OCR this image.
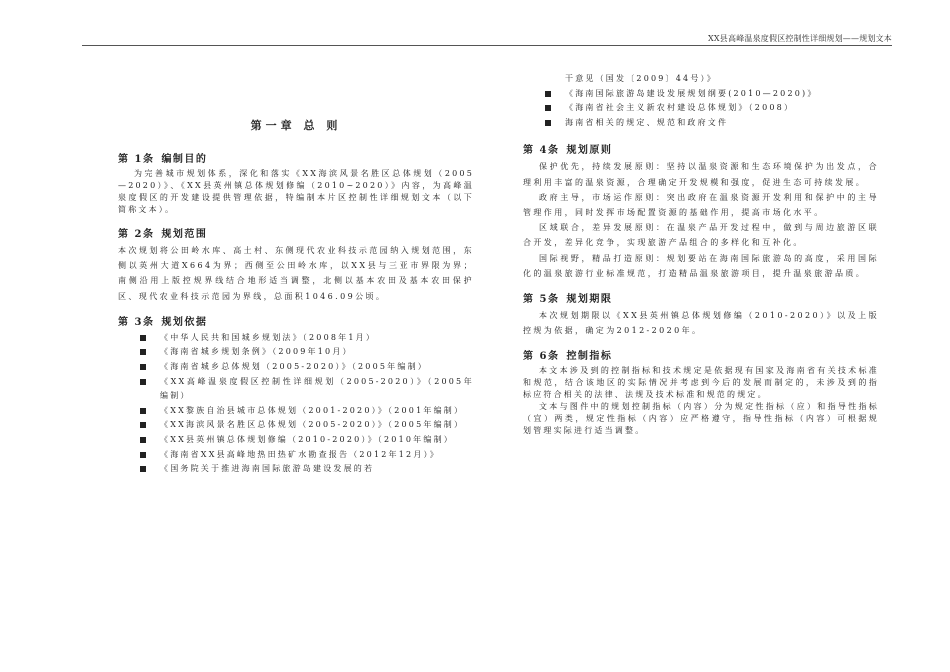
XX县高峰温泉度假区控制性详细规划——规划文本
第一章 总 则
第 1条 编制目的

为完善城市规划体系，深化和落实《XX海滨风景名胜区总体规划（2005—2020）》、《XX县英州镇总体规划修编（2010~2020）》内容，为高峰温泉度假区的开发建设提供管理依据，特编制本片区控制性详细规划文本（以下简称文本）。

第 2条 规划范围

本次规划将公田岭水库、高土村、东侧现代农业科技示范园纳入规划范围，东侧以英州大道X664为界；西侧至公田岭水库，以XX县与三亚市界限为界；南侧沿用上版控规界线结合地形适当调整，北侧以基本农田及基本农田保护区、现代农业科技示范园为界线，总面积1046.09公顷。

第 3条 规划依据
《中华人民共和国城乡规划法》（2008年1月）
《海南省城乡规划条例》（2009年10月）
《海南省城乡总体规划（2005-2020）》（2005年编制）
《XX高峰温泉度假区控制性详细规划（2005-2020）》（2005年编制）
《XX黎族自治县城市总体规划（2001-2020）》（2001年编制）
《XX海滨风景名胜区总体规划（2005-2020）》（2005年编制）
《XX县英州镇总体规划修编（2010-2020）》（2010年编制）
《海南省XX县高峰地热田热矿水勘查报告（2012年12月）》
《国务院关于推进海南国际旅游岛建设发展的若
干意见（国发〔2009〕44号）》
《海南国际旅游岛建设发展规划纲要(2010—2020)》
《海南省社会主义新农村建设总体规划》（2008）
海南省相关的规定、规范和政府文件
第 4条 规划原则

保护优先，持续发展原则：坚持以温泉资源和生态环境保护为出发点，合理利用丰富的温泉资源，合理确定开发规模和强度，促进生态可持续发展。

政府主导，市场运作原则：突出政府在温泉资源开发利用和保护中的主导管理作用，同时发挥市场配置资源的基础作用，提高市场化水平。

区域联合，差异发展原则：在温泉产品开发过程中，做到与周边旅游区联合开发，差异化竞争，实现旅游产品组合的多样化和互补化。

国际视野，精品打造原则：规划要站在海南国际旅游岛的高度，采用国际化的温泉旅游行业标准规范，打造精品温泉旅游项目，提升温泉旅游品质。

第 5条 规划期限

本次规划期限以《XX县英州镇总体规划修编（2010-2020）》以及上版控规为依据，确定为2012-2020年。

第 6条 控制指标

本文本涉及到的控制指标和技术规定是依据现有国家及海南省有关技术标准和规范，结合该地区的实际情况并考虑到今后的发展而制定的，未涉及到的指标应符合相关的法律、法规及技术标准和规范的规定。

文本与图件中的规划控制指标（内容）分为规定性指标（应）和指导性指标（宜）两类，规定性指标（内容）应严格遵守，指导性指标（内容）可根据规划管理实际进行适当调整。
